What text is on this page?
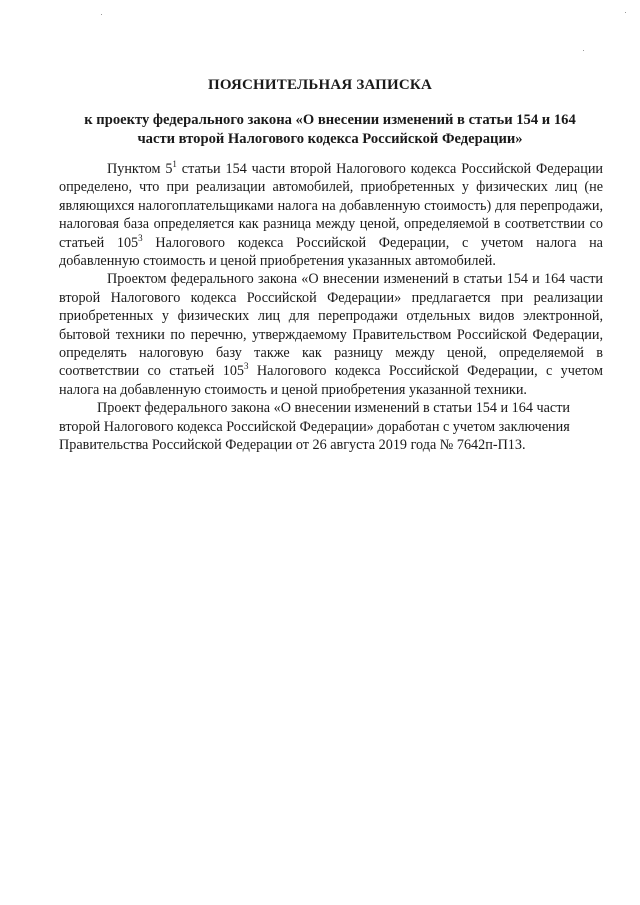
ПОЯСНИТЕЛЬНАЯ ЗАПИСКА
к проекту федерального закона «О внесении изменений в статьи 154 и 164
части второй Налогового кодекса Российской Федерации»

Пунктом $5^1$ статьи 154 части второй Налогового кодекса Российской Федерации определено, что при реализации автомобилей, приобретенных у физических лиц (не являющихся налогоплательщиками налога на добавленную стоимость) для перепродажи, налоговая база определяется как разница между ценой, определяемой в соответствии со статьей $105^3$ Налогового кодекса Российской Федерации, с учетом налога на добавленную стоимость и ценой приобретения указанных автомобилей.

Проектом федерального закона «О внесении изменений в статьи 154 и 164 части второй Налогового кодекса Российской Федерации» предлагается при реализации приобретенных у физических лиц для перепродажи отдельных видов электронной, бытовой техники по перечню, утверждаемому Правительством Российской Федерации, определять налоговую базу также как разницу между ценой, определяемой в соответствии со статьей $105^3$ Налогового кодекса Российской Федерации, с учетом налога на добавленную стоимость и ценой приобретения указанной техники.

Проект федерального закона «О внесении изменений в статьи 154 и 164 части второй Налогового кодекса Российской Федерации» доработан с учетом заключения Правительства Российской Федерации от 26 августа 2019 года № 7642п-П13.
